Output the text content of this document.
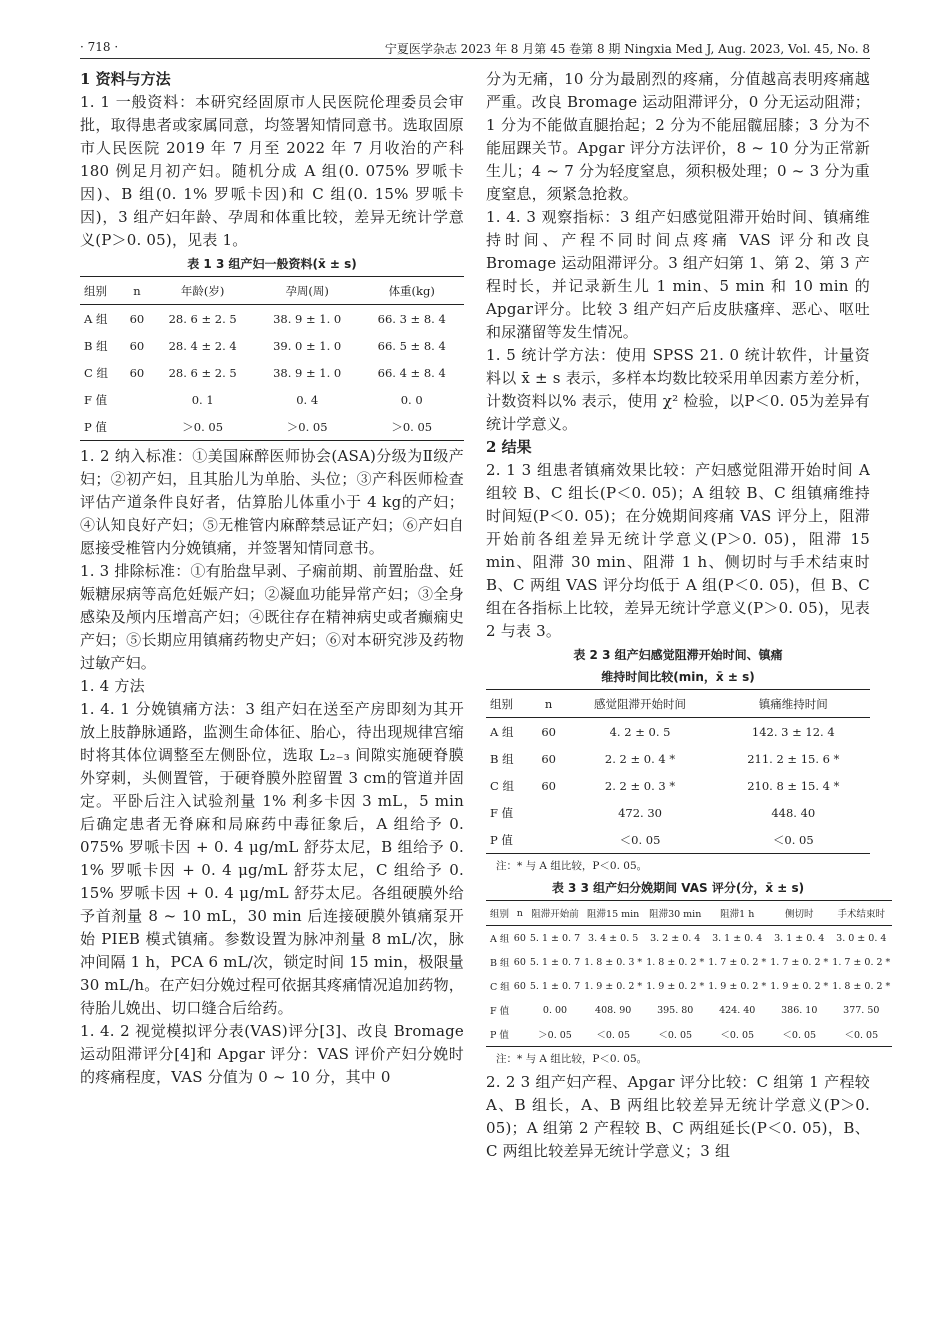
· 718 ·	宁夏医学杂志 2023 年 8 月第 45 卷第 8 期 Ningxia Med J, Aug. 2023, Vol. 45, No. 8

1 资料与方法

1. 1 一般资料：本研究经固原市人民医院伦理委员会审批，取得患者或家属同意，均签署知情同意书。选取固原市人民医院 2019 年 7 月至 2022 年 7 月收治的产科 180 例足月初产妇。随机分成 A 组(0. 075% 罗哌卡因)、B 组(0. 1% 罗哌卡因)和 C 组(0. 15% 罗哌卡因)，3 组产妇年龄、孕周和体重比较，差异无统计学意义(P＞0. 05)，见表 1。

表 1 3 组产妇一般资料(x̄ ± s)
组别	n	年龄(岁)	孕周(周)	体重(kg)
A 组	60	28. 6 ± 2. 5	38. 9 ± 1. 0	66. 3 ± 8. 4
B 组	60	28. 4 ± 2. 4	39. 0 ± 1. 0	66. 5 ± 8. 4
C 组	60	28. 6 ± 2. 5	38. 9 ± 1. 0	66. 4 ± 8. 4
F 值		0. 1	0. 4	0. 0
P 值		＞0. 05	＞0. 05	＞0. 05

1. 2 纳入标准：①美国麻醉医师协会(ASA)分级为Ⅱ级产妇；②初产妇，且其胎儿为单胎、头位；③产科医师检查评估产道条件良好者，估算胎儿体重小于 4 kg的产妇；④认知良好产妇；⑤无椎管内麻醉禁忌证产妇；⑥产妇自愿接受椎管内分娩镇痛，并签署知情同意书。

1. 3 排除标准：①有胎盘早剥、子痫前期、前置胎盘、妊娠糖尿病等高危妊娠产妇；②凝血功能异常产妇；③全身感染及颅内压增高产妇；④既往存在精神病史或者癫痫史产妇；⑤长期应用镇痛药物史产妇；⑥对本研究涉及药物过敏产妇。

1. 4 方法

1. 4. 1 分娩镇痛方法：3 组产妇在送至产房即刻为其开放上肢静脉通路，监测生命体征、胎心，待出现规律宫缩时将其体位调整至左侧卧位，选取 L₂₋₃ 间隙实施硬脊膜外穿刺，头侧置管，于硬脊膜外腔留置 3 cm的管道并固定。平卧后注入试验剂量 1% 利多卡因 3 mL，5 min 后确定患者无脊麻和局麻药中毒征象后，A 组给予 0. 075% 罗哌卡因 + 0. 4 μg/mL 舒芬太尼，B 组给予 0. 1% 罗哌卡因 + 0. 4 μg/mL 舒芬太尼，C 组给予 0. 15% 罗哌卡因 + 0. 4 μg/mL 舒芬太尼。各组硬膜外给予首剂量 8 ~ 10 mL，30 min 后连接硬膜外镇痛泵开始 PIEB 模式镇痛。参数设置为脉冲剂量 8 mL/次，脉冲间隔 1 h，PCA 6 mL/次，锁定时间 15 min，极限量 30 mL/h。在产妇分娩过程可依据其疼痛情况追加药物，待胎儿娩出、切口缝合后给药。

1. 4. 2 视觉模拟评分表(VAS)评分[3]、改良 Bromage运动阻滞评分[4]和 Apgar 评分：VAS 评价产妇分娩时的疼痛程度，VAS 分值为 0 ~ 10 分，其中 0

分为无痛，10 分为最剧烈的疼痛，分值越高表明疼痛越严重。改良 Bromage 运动阻滞评分，0 分无运动阻滞；1 分为不能做直腿抬起；2 分为不能屈髋屈膝；3 分为不能屈踝关节。Apgar 评分方法评价，8 ~ 10 分为正常新生儿；4 ~ 7 分为轻度窒息，须积极处理；0 ~ 3 分为重度窒息，须紧急抢救。

1. 4. 3 观察指标：3 组产妇感觉阻滞开始时间、镇痛维持时间、产程不同时间点疼痛 VAS 评分和改良 Bromage 运动阻滞评分。3 组产妇第 1、第 2、第 3 产程时长，并记录新生儿 1 min、5 min 和 10 min 的 Apgar评分。比较 3 组产妇产后皮肤瘙痒、恶心、呕吐和尿潴留等发生情况。

1. 5 统计学方法：使用 SPSS 21. 0 统计软件，计量资料以 x̄ ± s 表示，多样本均数比较采用单因素方差分析，计数资料以% 表示，使用 χ² 检验，以P＜0. 05为差异有统计学意义。

2 结果

2. 1 3 组患者镇痛效果比较：产妇感觉阻滞开始时间 A 组较 B、C 组长(P＜0. 05)；A 组较 B、C 组镇痛维持时间短(P＜0. 05)；在分娩期间疼痛 VAS 评分上，阻滞开始前各组差异无统计学意义(P＞0. 05)，阻滞 15 min、阻滞 30 min、阻滞 1 h、侧切时与手术结束时 B、C 两组 VAS 评分均低于 A 组(P＜0. 05)，但 B、C 组在各指标上比较，差异无统计学意义(P＞0. 05)，见表 2 与表 3。

表 2 3 组产妇感觉阻滞开始时间、镇痛
维持时间比较(min，x̄ ± s)
组别	n	感觉阻滞开始时间	镇痛维持时间
A 组	60	4. 2 ± 0. 5	142. 3 ± 12. 4
B 组	60	2. 2 ± 0. 4 *	211. 2 ± 15. 6 *
C 组	60	2. 2 ± 0. 3 *	210. 8 ± 15. 4 *
F 值		472. 30	448. 40
P 值		＜0. 05	＜0. 05
注：* 与 A 组比较，P＜0. 05。
表 3 3 组产妇分娩期间 VAS 评分(分，x̄ ± s)
组别	n	阻滞开始前	阻滞15 min	阻滞30 min	阻滞1 h	侧切时	手术结束时
A 组	60	5. 1 ± 0. 7	3. 4 ± 0. 5	3. 2 ± 0. 4	3. 1 ± 0. 4	3. 1 ± 0. 4	3. 0 ± 0. 4
B 组	60	5. 1 ± 0. 7	1. 8 ± 0. 3 *	1. 8 ± 0. 2 *	1. 7 ± 0. 2 *	1. 7 ± 0. 2 *	1. 7 ± 0. 2 *
C 组	60	5. 1 ± 0. 7	1. 9 ± 0. 2 *	1. 9 ± 0. 2 *	1. 9 ± 0. 2 *	1. 9 ± 0. 2 *	1. 8 ± 0. 2 *
F 值		0. 00	408. 90	395. 80	424. 40	386. 10	377. 50
P 值		＞0. 05	＜0. 05	＜0. 05	＜0. 05	＜0. 05	＜0. 05
注：* 与 A 组比较，P＜0. 05。

2. 2 3 组产妇产程、Apgar 评分比较：C 组第 1 产程较 A、B 组长，A、B 两组比较差异无统计学意义(P＞0. 05)；A 组第 2 产程较 B、C 两组延长(P＜0. 05)，B、C 两组比较差异无统计学意义；3 组
